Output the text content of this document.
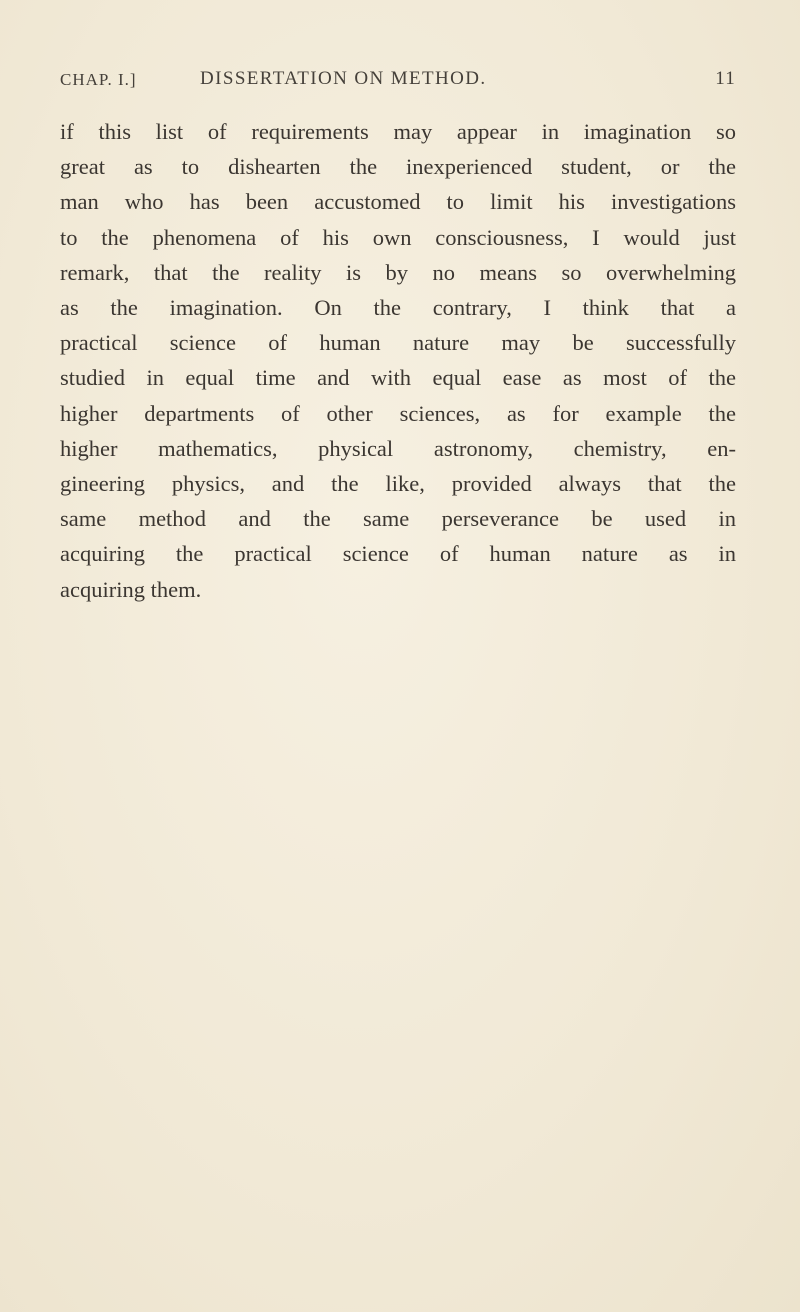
CHAP. I.]	DISSERTATION ON METHOD.	11
if this list of requirements may appear in imagination so
great as to dishearten the inexperienced student, or the
man who has been accustomed to limit his investigations
to the phenomena of his own consciousness, I would just
remark, that the reality is by no means so overwhelming
as the imagination. On the contrary, I think that a
practical science of human nature may be successfully
studied in equal time and with equal ease as most of the
higher departments of other sciences, as for example the
higher mathematics, physical astronomy, chemistry, en-
gineering physics, and the like, provided always that the
same method and the same perseverance be used in
acquiring the practical science of human nature as in
acquiring them.
